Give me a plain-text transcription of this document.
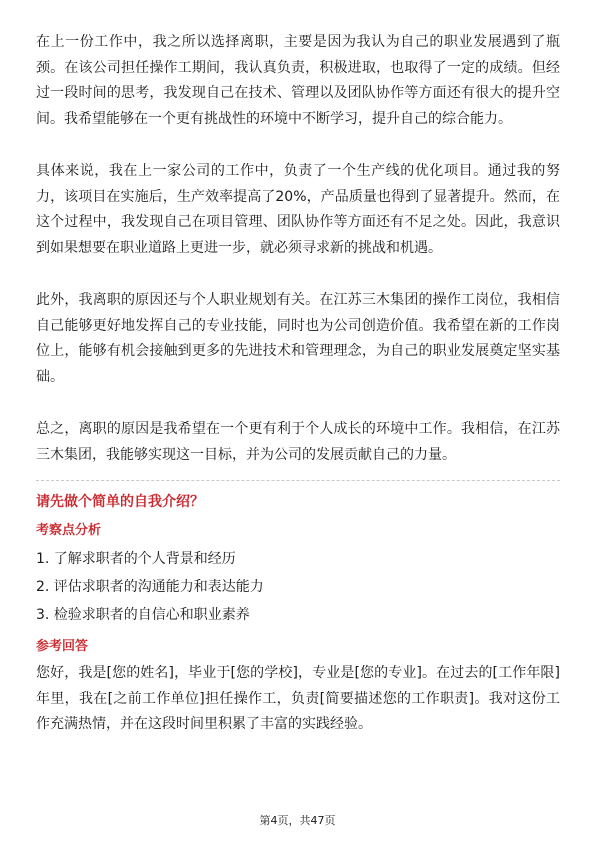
在上一份工作中，我之所以选择离职，主要是因为我认为自己的职业发展遇到了瓶颈。在该公司担任操作工期间，我认真负责，积极进取，也取得了一定的成绩。但经过一段时间的思考，我发现自己在技术、管理以及团队协作等方面还有很大的提升空间。我希望能够在一个更有挑战性的环境中不断学习，提升自己的综合能力。

具体来说，我在上一家公司的工作中，负责了一个生产线的优化项目。通过我的努力，该项目在实施后，生产效率提高了20%，产品质量也得到了显著提升。然而，在这个过程中，我发现自己在项目管理、团队协作等方面还有不足之处。因此，我意识到如果想要在职业道路上更进一步，就必须寻求新的挑战和机遇。

此外，我离职的原因还与个人职业规划有关。在江苏三木集团的操作工岗位，我相信自己能够更好地发挥自己的专业技能，同时也为公司创造价值。我希望在新的工作岗位上，能够有机会接触到更多的先进技术和管理理念，为自己的职业发展奠定坚实基础。

总之，离职的原因是我希望在一个更有利于个人成长的环境中工作。我相信，在江苏三木集团，我能够实现这一目标，并为公司的发展贡献自己的力量。

请先做个简单的自我介绍？
考察点分析
1. 了解求职者的个人背景和经历
2. 评估求职者的沟通能力和表达能力
3. 检验求职者的自信心和职业素养
参考回答

您好，我是[您的姓名]，毕业于[您的学校]，专业是[您的专业]。在过去的[工作年限]年里，我在[之前工作单位]担任操作工，负责[简要描述您的工作职责]。我对这份工作充满热情，并在这段时间里积累了丰富的实践经验。

第4页，共47页
